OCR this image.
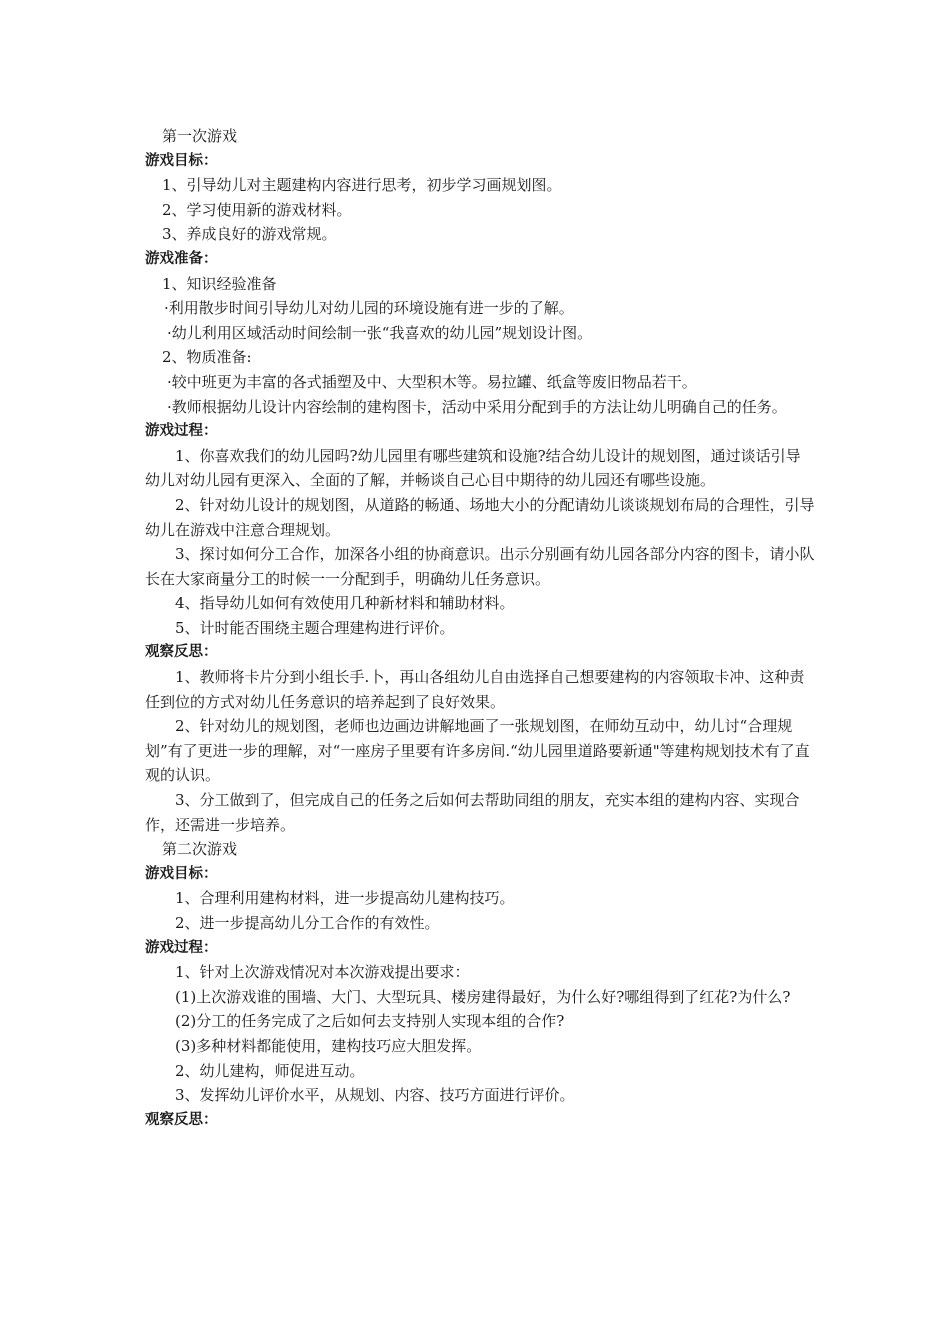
第一次游戏

游戏目标：

1、引导幼儿对主题建构内容进行思考，初步学习画规划图。

2、学习使用新的游戏材料。

3、养成良好的游戏常规。

游戏准备：

1、知识经验准备

·利用散步时间引导幼儿对幼儿园的环境设施有进一步的了解。

·幼儿利用区域活动时间绘制一张“我喜欢的幼儿园”规划设计图。

2、物质准备:

·较中班更为丰富的各式插塑及中、大型积木等。易拉罐、纸盒等废旧物品若干。

·教师根据幼儿设计内容绘制的建构图卡，活动中采用分配到手的方法让幼儿明确自己的任务。

游戏过程：

1、你喜欢我们的幼儿园吗?幼儿园里有哪些建筑和设施?结合幼儿设计的规划图，通过谈话引导幼儿对幼儿园有更深入、全面的了解，并畅谈自己心目中期待的幼儿园还有哪些设施。

2、针对幼儿设计的规划图，从道路的畅通、场地大小的分配请幼儿谈谈规划布局的合理性，引导幼儿在游戏中注意合理规划。

3、探讨如何分工合作，加深各小组的协商意识。出示分别画有幼儿园各部分内容的图卡，请小队长在大家商量分工的时候一一分配到手，明确幼儿任务意识。

4、指导幼儿如何有效使用几种新材料和辅助材料。

5、计时能否围绕主题合理建构进行评价。

观察反思：

1、教师将卡片分到小组长手.卜，再山各组幼儿自由选择自己想要建构的内容领取卡冲、这种责任到位的方式对幼儿任务意识的培养起到了良好效果。

2、针对幼儿的规划图，老师也边画边讲解地画了一张规划图，在师幼互动中，幼儿讨“合理规划”有了更进一步的理解，对“一座房子里要有许多房间.“幼儿园里道路要新通"等建构规划技术有了直观的认识。

3、分工做到了，但完成自己的任务之后如何去帮助同组的朋友，充实本组的建构内容、实现合作，还需进一步培养。

第二次游戏

游戏目标：

1、合理利用建构材料，进一步提高幼儿建构技巧。

2、进一步提高幼儿分工合作的有效性。

游戏过程：

1、针对上次游戏情况对本次游戏提出要求：

(1)上次游戏谁的围墙、大门、大型玩具、楼房建得最好，为什么好?哪组得到了红花?为什么?

(2)分工的任务完成了之后如何去支持别人实现本组的合作?

(3)多种材料都能使用，建构技巧应大胆发挥。

2、幼儿建构，师促进互动。

3、发挥幼儿评价水平，从规划、内容、技巧方面进行评价。

观察反思：
